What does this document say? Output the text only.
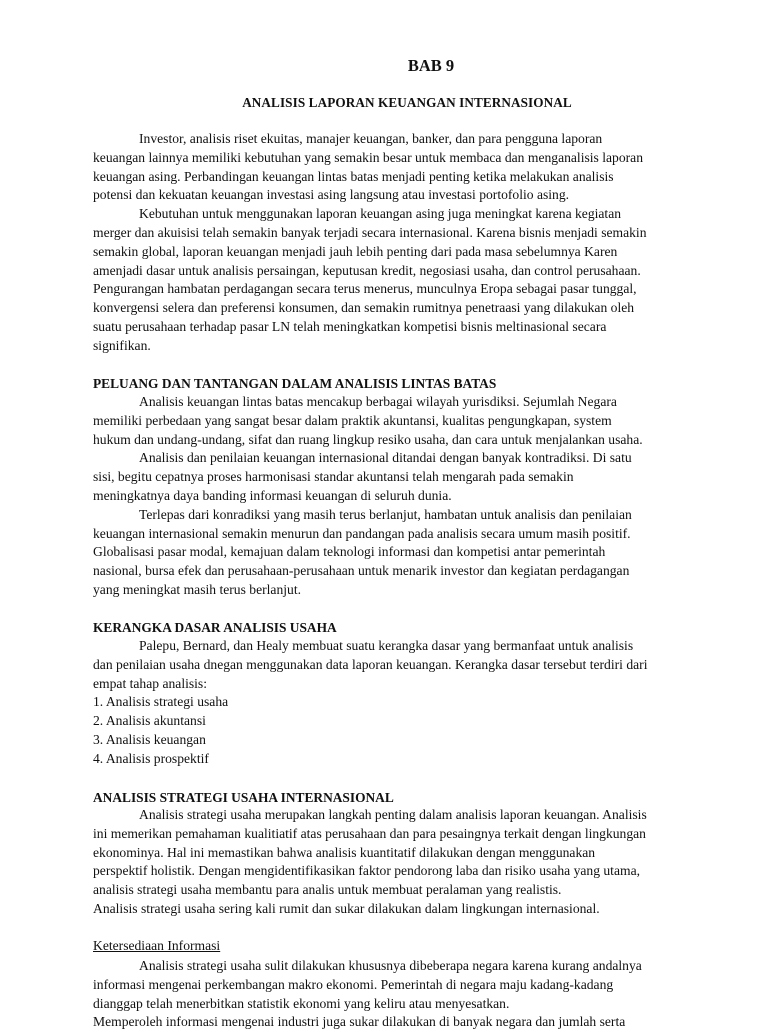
BAB 9
ANALISIS LAPORAN KEUANGAN INTERNASIONAL
Investor, analisis riset ekuitas, manajer keuangan, banker, dan para pengguna laporan
keuangan lainnya memiliki kebutuhan yang semakin besar untuk membaca dan menganalisis laporan
keuangan asing. Perbandingan keuangan lintas batas menjadi penting ketika melakukan analisis
potensi dan kekuatan keuangan investasi asing langsung atau investasi portofolio asing.
Kebutuhan untuk menggunakan laporan keuangan asing juga meningkat karena kegiatan
merger dan akuisisi telah semakin banyak terjadi secara internasional. Karena bisnis menjadi semakin
semakin global, laporan keuangan menjadi jauh lebih penting dari pada masa sebelumnya Karen
amenjadi dasar untuk analisis persaingan, keputusan kredit, negosiasi usaha, dan control perusahaan.
Pengurangan hambatan perdagangan secara terus menerus, munculnya Eropa sebagai pasar tunggal,
konvergensi selera dan preferensi konsumen, dan semakin rumitnya penetraasi yang dilakukan oleh
suatu perusahaan terhadap pasar LN telah meningkatkan kompetisi bisnis meltinasional secara
signifikan.
PELUANG DAN TANTANGAN DALAM ANALISIS LINTAS BATAS
Analisis keuangan lintas batas mencakup berbagai wilayah yurisdiksi. Sejumlah Negara
memiliki perbedaan yang sangat besar dalam praktik akuntansi, kualitas pengungkapan, system
hukum dan undang-undang, sifat dan ruang lingkup resiko usaha, dan cara untuk menjalankan usaha.
Analisis dan penilaian keuangan internasional ditandai dengan banyak kontradiksi. Di satu
sisi, begitu cepatnya proses harmonisasi standar akuntansi telah mengarah pada semakin
meningkatnya daya banding informasi keuangan di seluruh dunia.
Terlepas dari konradiksi yang masih terus berlanjut, hambatan untuk analisis dan penilaian
keuangan internasional semakin menurun dan pandangan pada analisis secara umum masih positif.
Globalisasi pasar modal, kemajuan dalam teknologi informasi dan kompetisi antar pemerintah
nasional, bursa efek dan perusahaan-perusahaan untuk menarik investor dan kegiatan perdagangan
yang meningkat masih terus berlanjut.
KERANGKA DASAR ANALISIS USAHA
Palepu, Bernard, dan Healy membuat suatu kerangka dasar yang bermanfaat untuk analisis
dan penilaian usaha dnegan menggunakan data laporan keuangan. Kerangka dasar tersebut terdiri dari
empat tahap analisis:
1. Analisis strategi usaha
2. Analisis akuntansi
3. Analisis keuangan
4. Analisis prospektif
ANALISIS STRATEGI USAHA INTERNASIONAL
Analisis strategi usaha merupakan langkah penting dalam analisis laporan keuangan. Analisis
ini memerikan pemahaman kualitiatif atas perusahaan dan para pesaingnya terkait dengan lingkungan
ekonominya. Hal ini memastikan bahwa analisis kuantitatif dilakukan dengan menggunakan
perspektif holistik. Dengan mengidentifikasikan faktor pendorong laba dan risiko usaha yang utama,
analisis strategi usaha membantu para analis untuk membuat peralaman yang realistis.
Analisis strategi usaha sering kali rumit dan sukar dilakukan dalam lingkungan internasional.
Ketersediaan Informasi
Analisis strategi usaha sulit dilakukan khususnya dibeberapa negara karena kurang andalnya
informasi mengenai perkembangan makro ekonomi. Pemerintah di negara maju kadang-kadang
dianggap telah menerbitkan statistik ekonomi yang keliru atau menyesatkan.
Memperoleh informasi mengenai industri juga sukar dilakukan di banyak negara dan jumlah serta
